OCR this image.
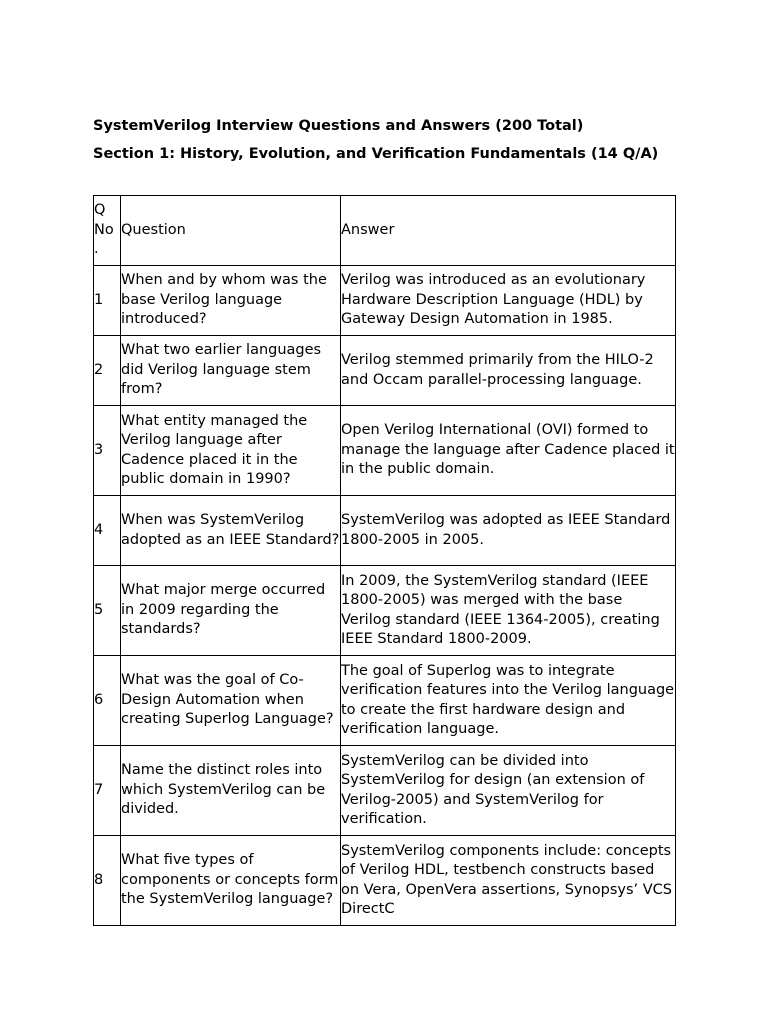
SystemVerilog Interview Questions and Answers (200 Total)
Section 1: History, Evolution, and Verification Fundamentals (14 Q/A)
Q
No
.	Question	Answer
1	When and by whom was the base Verilog language introduced?	Verilog was introduced as an evolutionary Hardware Description Language (HDL) by Gateway Design Automation in 1985.
2	What two earlier languages did Verilog language stem from?	Verilog stemmed primarily from the HILO-2 and Occam parallel-processing language.
3	What entity managed the Verilog language after Cadence placed it in the public domain in 1990?	Open Verilog International (OVI) formed to manage the language after Cadence placed it in the public domain.
4	When was SystemVerilog adopted as an IEEE Standard?	SystemVerilog was adopted as IEEE Standard 1800-2005 in 2005.
5	What major merge occurred in 2009 regarding the standards?	In 2009, the SystemVerilog standard (IEEE 1800-2005) was merged with the base Verilog standard (IEEE 1364-2005), creating IEEE Standard 1800-2009.
6	What was the goal of Co-Design Automation when creating Superlog Language?	The goal of Superlog was to integrate verification features into the Verilog language to create the first hardware design and verification language.
7	Name the distinct roles into which SystemVerilog can be divided.	SystemVerilog can be divided into SystemVerilog for design (an extension of Verilog-2005) and SystemVerilog for verification.
8	What five types of components or concepts form the SystemVerilog language?	SystemVerilog components include: concepts of Verilog HDL, testbench constructs based on Vera, OpenVera assertions, Synopsys’ VCS DirectC
